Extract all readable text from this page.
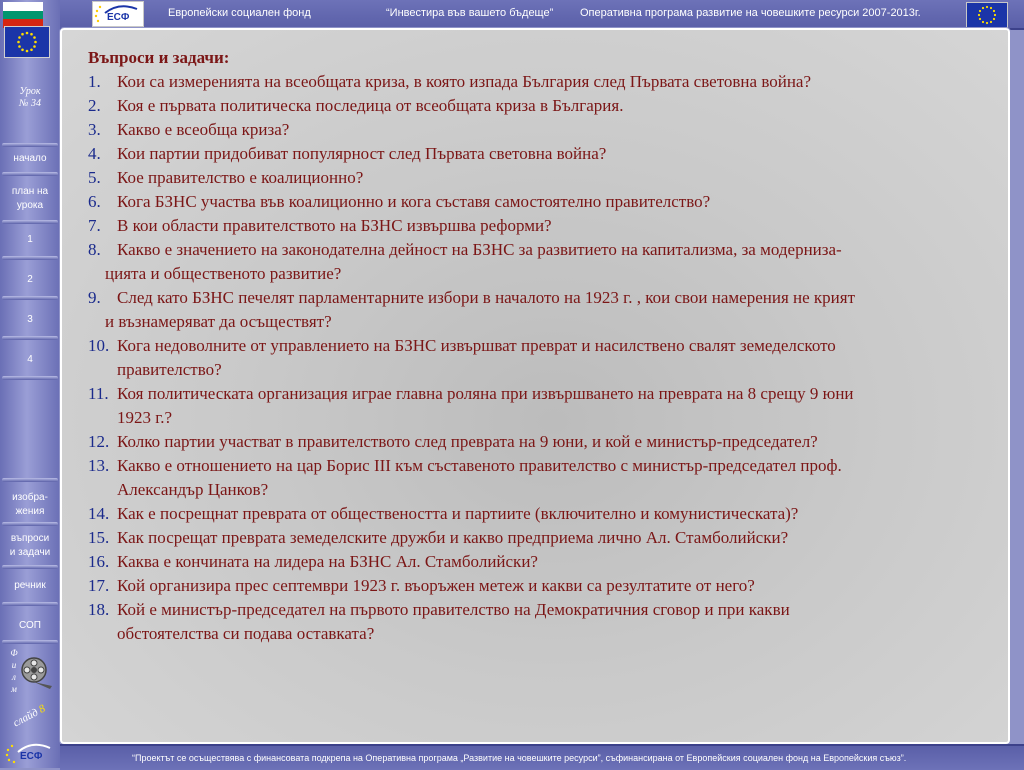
Урок
№ 34
начало
план на
урока
1
2
3
4
изобра-
жения
въпроси
и задачи
речник
СОП
Ф
и
л
м
слайд 8
ЕСФ
ЕСФ	Европейски социален фонд	“Инвестира във вашето бъдеще” Оперативна програма развитие на човешките ресурси 2007-2013г.

Въпроси и задачи:

1. Кои са измеренията на всеобщата криза, в която изпада България след Първата световна война?
2. Коя е първата политическа последица от всеобщата криза в България.
3. Какво е всеобща криза?
4. Кои партии придобиват популярност след Първата световна война?
5. Кое правителство е коалиционно?
6. Кога БЗНС участва във коалиционно и кога съставя самостоятелно правителство?
7. В кои области правителството на БЗНС извършва реформи?
8. Какво е значението на законодателна дейност на БЗНС за развитието на капитализма, за модерниза-
цията и общественото развитие?
9. След като БЗНС печелят парламентарните избори в началото на 1923 г. , кои свои намерения не крият
и възнамеряват да осъществят?
10. Кога недоволните от управлението на БЗНС извършват преврат и насилствено свалят земеделското
правителство?
11. Коя политическата организация играе главна роляна при извършването на преврата на 8 срещу 9 юни
1923 г.?
12. Колко партии участват в правителството след преврата на 9 юни, и кой е министър-председател?
13. Какво е отношението на цар Борис III към съставеното правителство с министър-председател проф.
Александър Цанков?
14. Как е посрещнат преврата от обществеността и партиите (включително и комунистическата)?
15. Как посрещат преврата земеделските дружби и какво предприема лично Ал. Стамболийски?
16. Каква е кончината на лидера на БЗНС Ал. Стамболийски?
17. Кой организира прес септември 1923 г. въоръжен метеж и какви са резултатите от него?
18. Кой е министър-председател на първото правителство на Демократичния сговор и при какви
обстоятелства си подава оставката?
“Проектът се осъществява с финансовата подкрепа на Оперативна програма „Развитие на човешките ресурси”, съфинансирана от Европейския социален фонд на Европейския съюз”.
